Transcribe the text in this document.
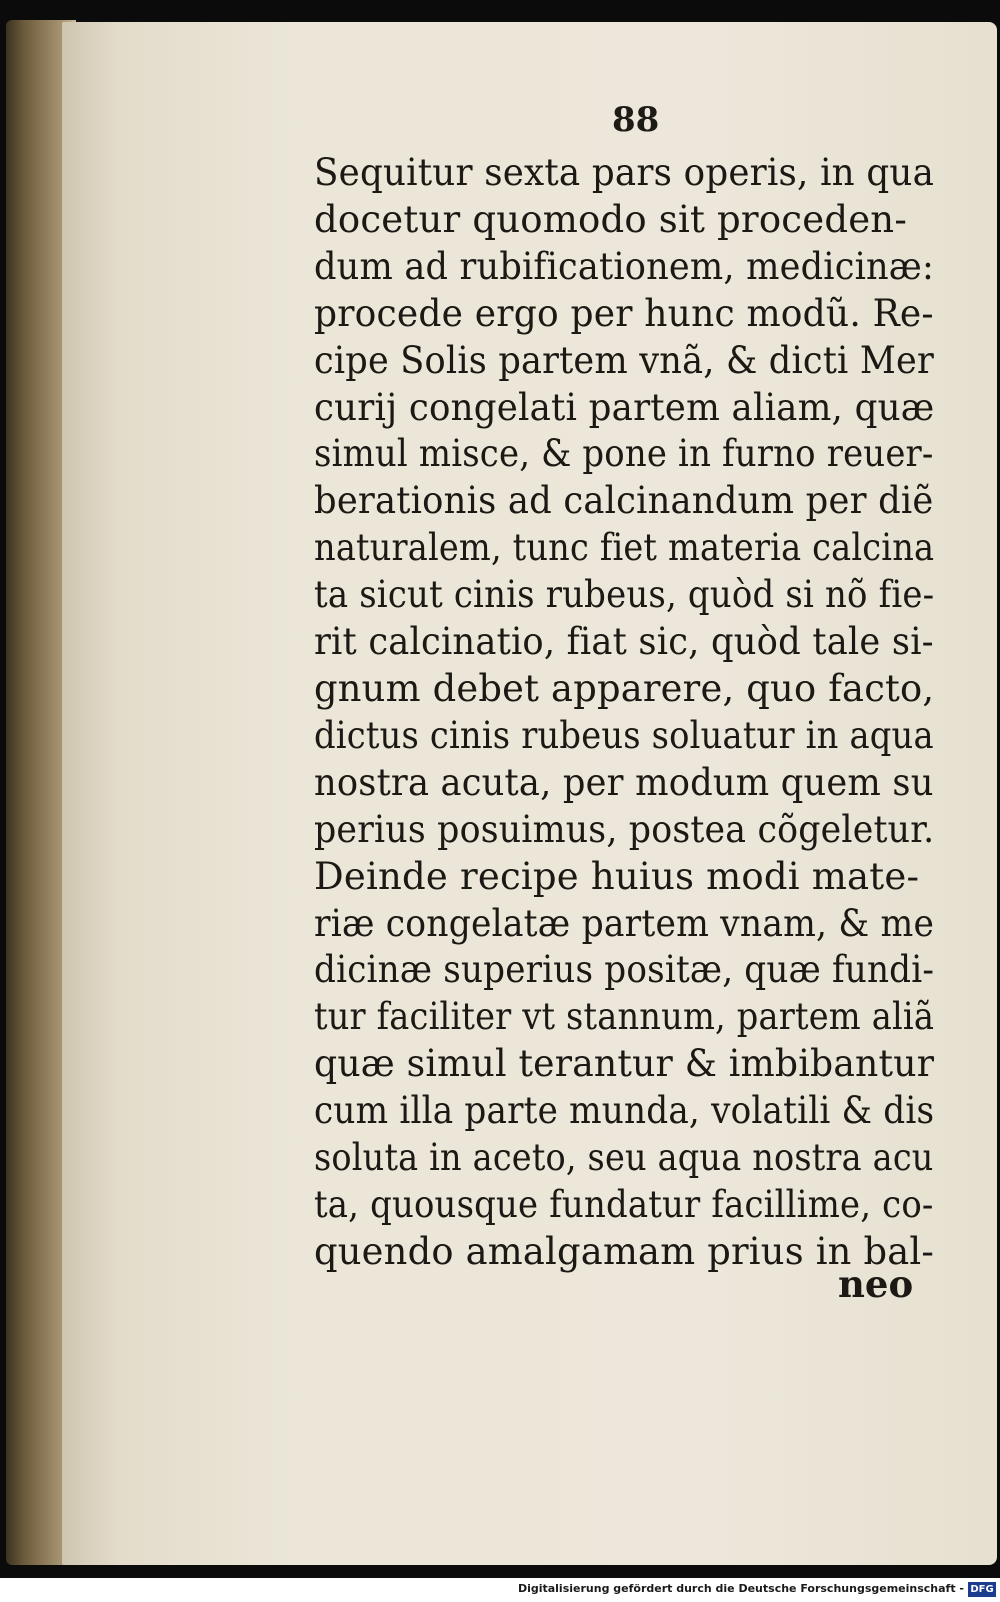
88
Sequitur sexta pars operis, in qua
docetur quomodo sit proceden-
dum ad rubificationem, medicinæ:
procede ergo per hunc modũ. Re-
cipe Solis partem vnã, & dicti Mer
curij congelati partem aliam, quæ
simul misce, & pone in furno reuer-
berationis ad calcinandum per diẽ
naturalem, tunc fiet materia calcina
ta sicut cinis rubeus, quòd si nõ fie-
rit calcinatio, fiat sic, quòd tale si-
gnum debet apparere, quo facto,
dictus cinis rubeus soluatur in aqua
nostra acuta, per modum quem su
perius posuimus, postea cõgeletur.
Deinde recipe huius modi mate-
riæ congelatæ partem vnam, & me
dicinæ superius positæ, quæ fundi-
tur faciliter vt stannum, partem aliã
quæ simul terantur & imbibantur
cum illa parte munda, volatili & dis
soluta in aceto, seu aqua nostra acu
ta, quousque fundatur facillime, co-
quendo amalgamam prius in bal-
neo
Digitalisierung gefördert durch die Deutsche Forschungsgemeinschaft - DFG
